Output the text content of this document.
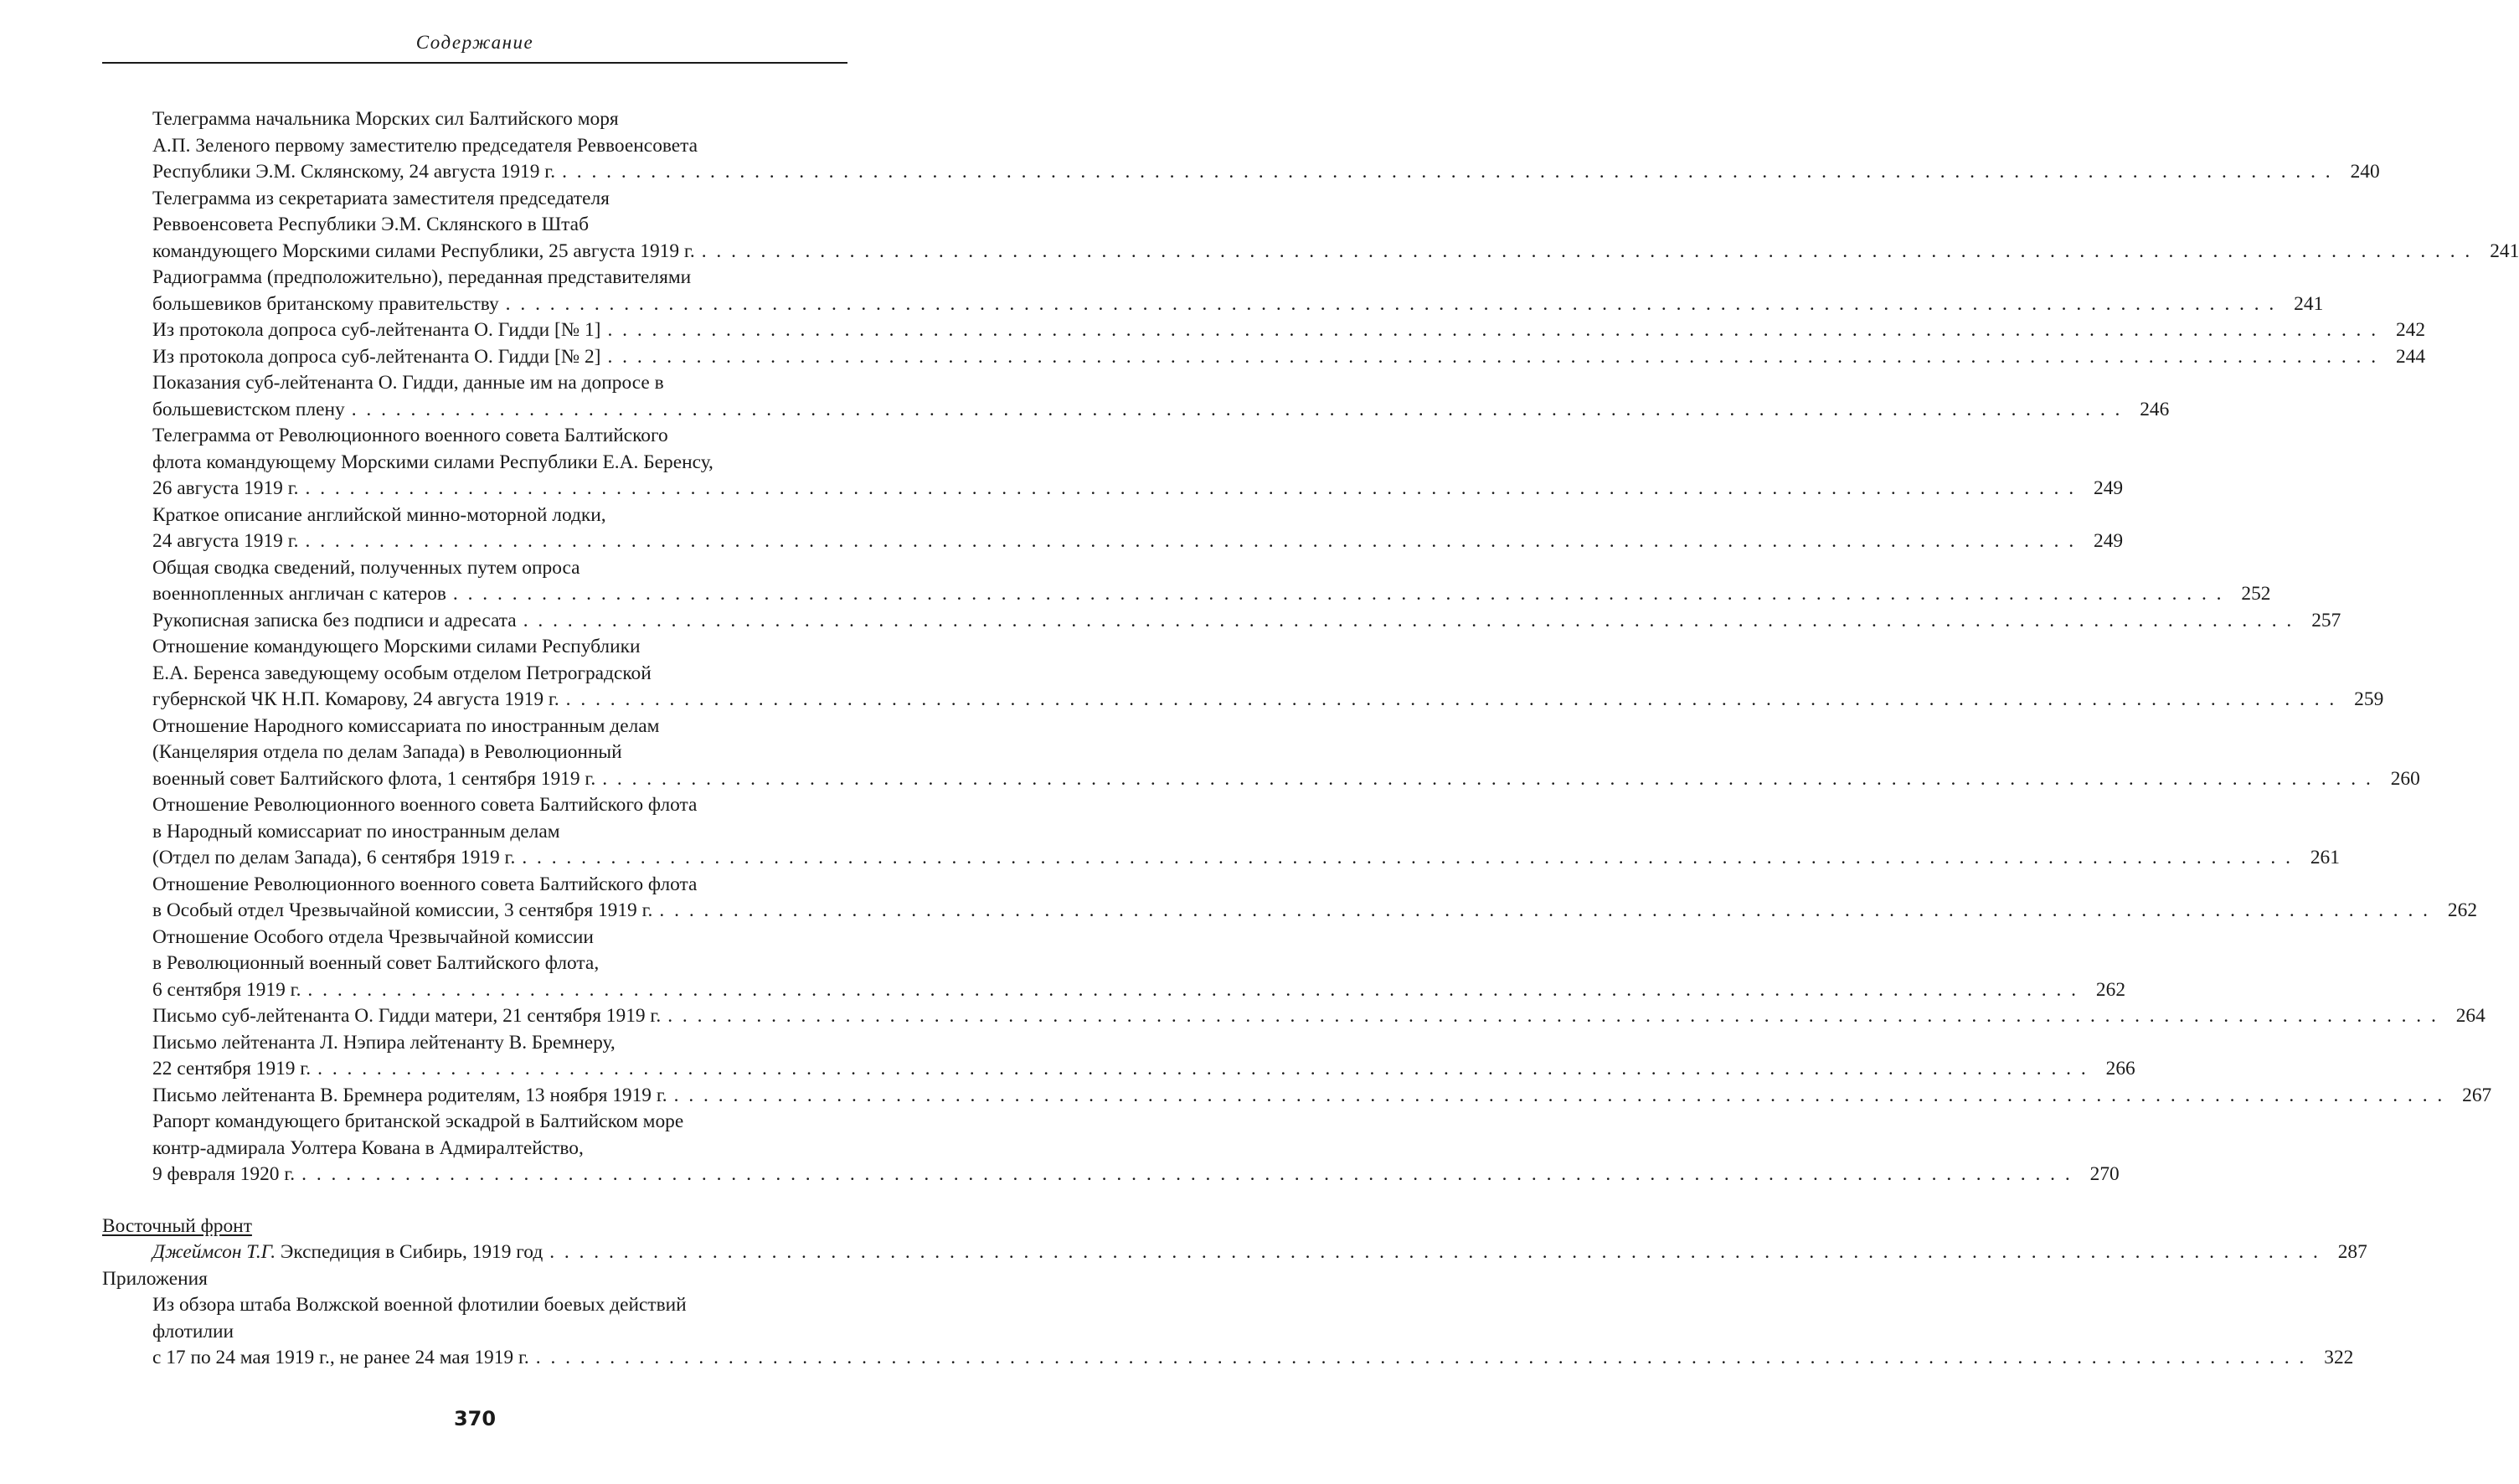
Содержание
Телеграмма начальника Морских сил Балтийского моря
А.П. Зеленого первому заместителю председателя Реввоенсовета
Республики Э.М. Склянскому, 24 августа 1919 г. . . . . . . . . . . . . . . . . . . . . . . . . . . . . . . . . . . . . . . . . . . . . . . . . . . . . . . . . . . . . . . . . . . . . . . . . . . . . . . . . . . . . . . . . . . . . . . . . . . . . . . . . . . . . . . . . . . . . . . . . 240
Телеграмма из секретариата заместителя председателя
Реввоенсовета Республики Э.М. Склянского в Штаб
командующего Морскими силами Республики, 25 августа 1919 г. . . . . . . . . . . . . . . . . . . . . . . . . . . . . . . . . . . . . . . . . . . . . . . . . . . . . . . . . . . . . . . . . . . . . . . . . . . . . . . . . . . . . . . . . . . . . . . . . . . . . . . . . . . . . . . . . . . . . . . . . 241
Радиограмма (предположительно), переданная представителями
большевиков британскому правительству . . . . . . . . . . . . . . . . . . . . . . . . . . . . . . . . . . . . . . . . . . . . . . . . . . . . . . . . . . . . . . . . . . . . . . . . . . . . . . . . . . . . . . . . . . . . . . . . . . . . . . . . . . . . . . . . . . . . . . . . 241
Из протокола допроса суб-лейтенанта О. Гидди [№ 1] . . . . . . . . . . . . . . . . . . . . . . . . . . . . . . . . . . . . . . . . . . . . . . . . . . . . . . . . . . . . . . . . . . . . . . . . . . . . . . . . . . . . . . . . . . . . . . . . . . . . . . . . . . . . . . . . . . . . . . . . 242
Из протокола допроса суб-лейтенанта О. Гидди [№ 2] . . . . . . . . . . . . . . . . . . . . . . . . . . . . . . . . . . . . . . . . . . . . . . . . . . . . . . . . . . . . . . . . . . . . . . . . . . . . . . . . . . . . . . . . . . . . . . . . . . . . . . . . . . . . . . . . . . . . . . . . 244
Показания суб-лейтенанта О. Гидди, данные им на допросе в
большевистском плену . . . . . . . . . . . . . . . . . . . . . . . . . . . . . . . . . . . . . . . . . . . . . . . . . . . . . . . . . . . . . . . . . . . . . . . . . . . . . . . . . . . . . . . . . . . . . . . . . . . . . . . . . . . . . . . . . . . . . . . . 246
Телеграмма от Революционного военного совета Балтийского
флота командующему Морскими силами Республики Е.А. Беренсу,
26 августа 1919 г. . . . . . . . . . . . . . . . . . . . . . . . . . . . . . . . . . . . . . . . . . . . . . . . . . . . . . . . . . . . . . . . . . . . . . . . . . . . . . . . . . . . . . . . . . . . . . . . . . . . . . . . . . . . . . . . . . . . . . . . . 249
Краткое описание английской минно-моторной лодки,
24 августа 1919 г. . . . . . . . . . . . . . . . . . . . . . . . . . . . . . . . . . . . . . . . . . . . . . . . . . . . . . . . . . . . . . . . . . . . . . . . . . . . . . . . . . . . . . . . . . . . . . . . . . . . . . . . . . . . . . . . . . . . . . . . . 249
Общая сводка сведений, полученных путем опроса
военнопленных англичан с катеров . . . . . . . . . . . . . . . . . . . . . . . . . . . . . . . . . . . . . . . . . . . . . . . . . . . . . . . . . . . . . . . . . . . . . . . . . . . . . . . . . . . . . . . . . . . . . . . . . . . . . . . . . . . . . . . . . . . . . . . . 252
Рукописная записка без подписи и адресата . . . . . . . . . . . . . . . . . . . . . . . . . . . . . . . . . . . . . . . . . . . . . . . . . . . . . . . . . . . . . . . . . . . . . . . . . . . . . . . . . . . . . . . . . . . . . . . . . . . . . . . . . . . . . . . . . . . . . . . . 257
Отношение командующего Морскими силами Республики
Е.А. Беренса заведующему особым отделом Петроградской
губернской ЧК Н.П. Комарову, 24 августа 1919 г. . . . . . . . . . . . . . . . . . . . . . . . . . . . . . . . . . . . . . . . . . . . . . . . . . . . . . . . . . . . . . . . . . . . . . . . . . . . . . . . . . . . . . . . . . . . . . . . . . . . . . . . . . . . . . . . . . . . . . . . . 259
Отношение Народного комиссариата по иностранным делам
(Канцелярия отдела по делам Запада) в Революционный
военный совет Балтийского флота, 1 сентября 1919 г. . . . . . . . . . . . . . . . . . . . . . . . . . . . . . . . . . . . . . . . . . . . . . . . . . . . . . . . . . . . . . . . . . . . . . . . . . . . . . . . . . . . . . . . . . . . . . . . . . . . . . . . . . . . . . . . . . . . . . . . . 260
Отношение Революционного военного совета Балтийского флота
в Народный комиссариат по иностранным делам
(Отдел по делам Запада), 6 сентября 1919 г. . . . . . . . . . . . . . . . . . . . . . . . . . . . . . . . . . . . . . . . . . . . . . . . . . . . . . . . . . . . . . . . . . . . . . . . . . . . . . . . . . . . . . . . . . . . . . . . . . . . . . . . . . . . . . . . . . . . . . . . . 261
Отношение Революционного военного совета Балтийского флота
в Особый отдел Чрезвычайной комиссии, 3 сентября 1919 г. . . . . . . . . . . . . . . . . . . . . . . . . . . . . . . . . . . . . . . . . . . . . . . . . . . . . . . . . . . . . . . . . . . . . . . . . . . . . . . . . . . . . . . . . . . . . . . . . . . . . . . . . . . . . . . . . . . . . . . . . 262
Отношение Особого отдела Чрезвычайной комиссии
в Революционный военный совет Балтийского флота,
6 сентября 1919 г. . . . . . . . . . . . . . . . . . . . . . . . . . . . . . . . . . . . . . . . . . . . . . . . . . . . . . . . . . . . . . . . . . . . . . . . . . . . . . . . . . . . . . . . . . . . . . . . . . . . . . . . . . . . . . . . . . . . . . . . . 262
Письмо суб-лейтенанта О. Гидди матери, 21 сентября 1919 г. . . . . . . . . . . . . . . . . . . . . . . . . . . . . . . . . . . . . . . . . . . . . . . . . . . . . . . . . . . . . . . . . . . . . . . . . . . . . . . . . . . . . . . . . . . . . . . . . . . . . . . . . . . . . . . . . . . . . . . . . 264
Письмо лейтенанта Л. Нэпира лейтенанту В. Бремнеру,
22 сентября 1919 г. . . . . . . . . . . . . . . . . . . . . . . . . . . . . . . . . . . . . . . . . . . . . . . . . . . . . . . . . . . . . . . . . . . . . . . . . . . . . . . . . . . . . . . . . . . . . . . . . . . . . . . . . . . . . . . . . . . . . . . . . 266
Письмо лейтенанта В. Бремнера родителям, 13 ноября 1919 г. . . . . . . . . . . . . . . . . . . . . . . . . . . . . . . . . . . . . . . . . . . . . . . . . . . . . . . . . . . . . . . . . . . . . . . . . . . . . . . . . . . . . . . . . . . . . . . . . . . . . . . . . . . . . . . . . . . . . . . . . 267
Рапорт командующего британской эскадрой в Балтийском море
контр-адмирала Уолтера Кована в Адмиралтейство,
9 февраля 1920 г. . . . . . . . . . . . . . . . . . . . . . . . . . . . . . . . . . . . . . . . . . . . . . . . . . . . . . . . . . . . . . . . . . . . . . . . . . . . . . . . . . . . . . . . . . . . . . . . . . . . . . . . . . . . . . . . . . . . . . . . . 270
Восточный фронт
Джеймсон Т.Г. Экспедиция в Сибирь, 1919 год . . . . . . . . . . . . . . . . . . . . . . . . . . . . . . . . . . . . . . . . . . . . . . . . . . . . . . . . . . . . . . . . . . . . . . . . . . . . . . . . . . . . . . . . . . . . . . . . . . . . . . . . . . . . . . . . . . . . . . . . 287
Приложения
Из обзора штаба Волжской военной флотилии боевых действий
флотилии
с 17 по 24 мая 1919 г., не ранее 24 мая 1919 г. . . . . . . . . . . . . . . . . . . . . . . . . . . . . . . . . . . . . . . . . . . . . . . . . . . . . . . . . . . . . . . . . . . . . . . . . . . . . . . . . . . . . . . . . . . . . . . . . . . . . . . . . . . . . . . . . . . . . . . . . 322
370
